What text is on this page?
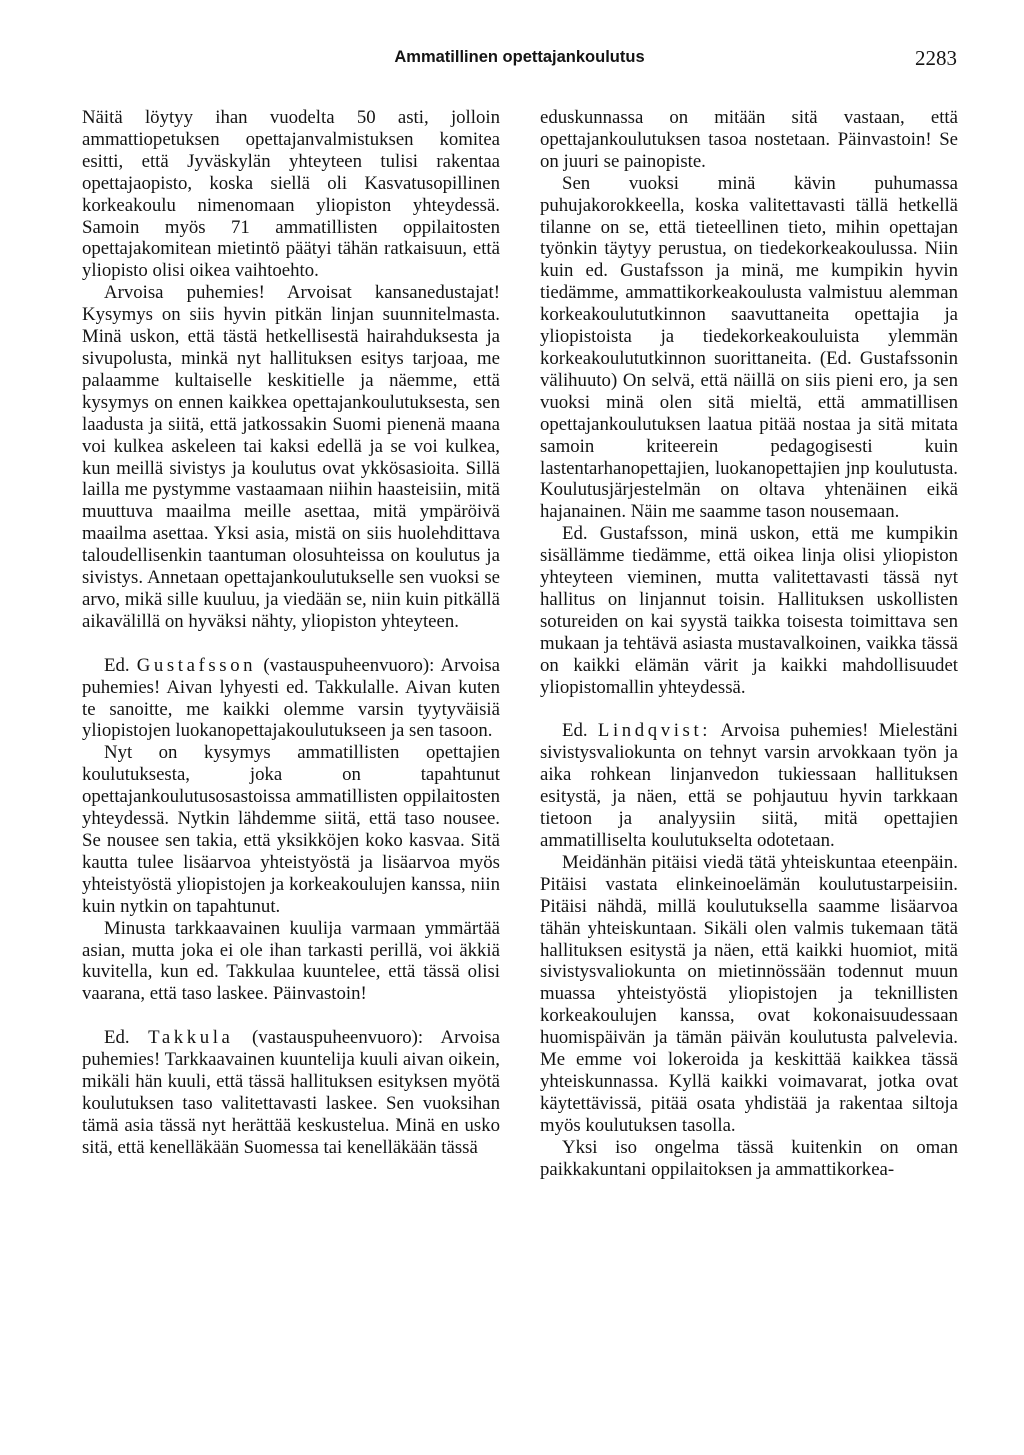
Ammatillinen opettajankoulutus	2283

Näitä löytyy ihan vuodelta 50 asti, jolloin ammattiopetuksen opettajanvalmistuksen komitea esitti, että Jyväskylän yhteyteen tulisi rakentaa opettajaopisto, koska siellä oli Kasvatusopillinen korkeakoulu nimenomaan yliopiston yhteydessä. Samoin myös 71 ammatillisten oppilaitosten opettajakomitean mietintö päätyi tähän ratkaisuun, että yliopisto olisi oikea vaihtoehto.

Arvoisa puhemies! Arvoisat kansanedustajat! Kysymys on siis hyvin pitkän linjan suunnitelmasta. Minä uskon, että tästä hetkellisestä hairahduksesta ja sivupolusta, minkä nyt hallituksen esitys tarjoaa, me palaamme kultaiselle keskitielle ja näemme, että kysymys on ennen kaikkea opettajankoulutuksesta, sen laadusta ja siitä, että jatkossakin Suomi pienenä maana voi kulkea askeleen tai kaksi edellä ja se voi kulkea, kun meillä sivistys ja koulutus ovat ykkösasioita. Sillä lailla me pystymme vastaamaan niihin haasteisiin, mitä muuttuva maailma meille asettaa, mitä ympäröivä maailma asettaa. Yksi asia, mistä on siis huolehdittava taloudellisenkin taantuman olosuhteissa on koulutus ja sivistys. Annetaan opettajankoulutukselle sen vuoksi se arvo, mikä sille kuuluu, ja viedään se, niin kuin pitkällä aikavälillä on hyväksi nähty, yliopiston yhteyteen.

Ed. Gustafsson (vastauspuheenvuoro): Arvoisa puhemies! Aivan lyhyesti ed. Takkulalle. Aivan kuten te sanoitte, me kaikki olemme varsin tyytyväisiä yliopistojen luokanopettajakoulutukseen ja sen tasoon.

Nyt on kysymys ammatillisten opettajien koulutuksesta, joka on tapahtunut opettajankoulutusosastoissa ammatillisten oppilaitosten yhteydessä. Nytkin lähdemme siitä, että taso nousee. Se nousee sen takia, että yksikköjen koko kasvaa. Sitä kautta tulee lisäarvoa yhteistyöstä ja lisäarvoa myös yhteistyöstä yliopistojen ja korkeakoulujen kanssa, niin kuin nytkin on tapahtunut.

Minusta tarkkaavainen kuulija varmaan ymmärtää asian, mutta joka ei ole ihan tarkasti perillä, voi äkkiä kuvitella, kun ed. Takkulaa kuuntelee, että tässä olisi vaarana, että taso laskee. Päinvastoin!

Ed. Takkula (vastauspuheenvuoro): Arvoisa puhemies! Tarkkaavainen kuuntelija kuuli aivan oikein, mikäli hän kuuli, että tässä hallituksen esityksen myötä koulutuksen taso valitettavasti laskee. Sen vuoksihan tämä asia tässä nyt herättää keskustelua. Minä en usko sitä, että kenelläkään Suomessa tai kenelläkään tässä

eduskunnassa on mitään sitä vastaan, että opettajankoulutuksen tasoa nostetaan. Päinvastoin! Se on juuri se painopiste.

Sen vuoksi minä kävin puhumassa puhujakorokkeella, koska valitettavasti tällä hetkellä tilanne on se, että tieteellinen tieto, mihin opettajan työnkin täytyy perustua, on tiedekorkeakoulussa. Niin kuin ed. Gustafsson ja minä, me kumpikin hyvin tiedämme, ammattikorkeakoulusta valmistuu alemman korkeakoulututkinnon saavuttaneita opettajia ja yliopistoista ja tiedekorkeakouluista ylemmän korkeakoulututkinnon suorittaneita. (Ed. Gustafssonin välihuuto) On selvä, että näillä on siis pieni ero, ja sen vuoksi minä olen sitä mieltä, että ammatillisen opettajankoulutuksen laatua pitää nostaa ja sitä mitata samoin kriteerein pedagogisesti kuin lastentarhanopettajien, luokanopettajien jnp koulutusta. Koulutusjärjestelmän on oltava yhtenäinen eikä hajanainen. Näin me saamme tason nousemaan.

Ed. Gustafsson, minä uskon, että me kumpikin sisällämme tiedämme, että oikea linja olisi yliopiston yhteyteen vieminen, mutta valitettavasti tässä nyt hallitus on linjannut toisin. Hallituksen uskollisten sotureiden on kai syystä taikka toisesta toimittava sen mukaan ja tehtävä asiasta mustavalkoinen, vaikka tässä on kaikki elämän värit ja kaikki mahdollisuudet yliopistomallin yhteydessä.

Ed. Lindqvist: Arvoisa puhemies! Mielestäni sivistysvaliokunta on tehnyt varsin arvokkaan työn ja aika rohkean linjanvedon tukiessaan hallituksen esitystä, ja näen, että se pohjautuu hyvin tarkkaan tietoon ja analyysiin siitä, mitä opettajien ammatilliselta koulutukselta odotetaan.

Meidänhän pitäisi viedä tätä yhteiskuntaa eteenpäin. Pitäisi vastata elinkeinoelämän koulutustarpeisiin. Pitäisi nähdä, millä koulutuksella saamme lisäarvoa tähän yhteiskuntaan. Sikäli olen valmis tukemaan tätä hallituksen esitystä ja näen, että kaikki huomiot, mitä sivistysvaliokunta on mietinnössään todennut muun muassa yhteistyöstä yliopistojen ja teknillisten korkeakoulujen kanssa, ovat kokonaisuudessaan huomispäivän ja tämän päivän koulutusta palvelevia. Me emme voi lokeroida ja keskittää kaikkea tässä yhteiskunnassa. Kyllä kaikki voimavarat, jotka ovat käytettävissä, pitää osata yhdistää ja rakentaa siltoja myös koulutuksen tasolla.

Yksi iso ongelma tässä kuitenkin on oman paikkakuntani oppilaitoksen ja ammattikorkea-
